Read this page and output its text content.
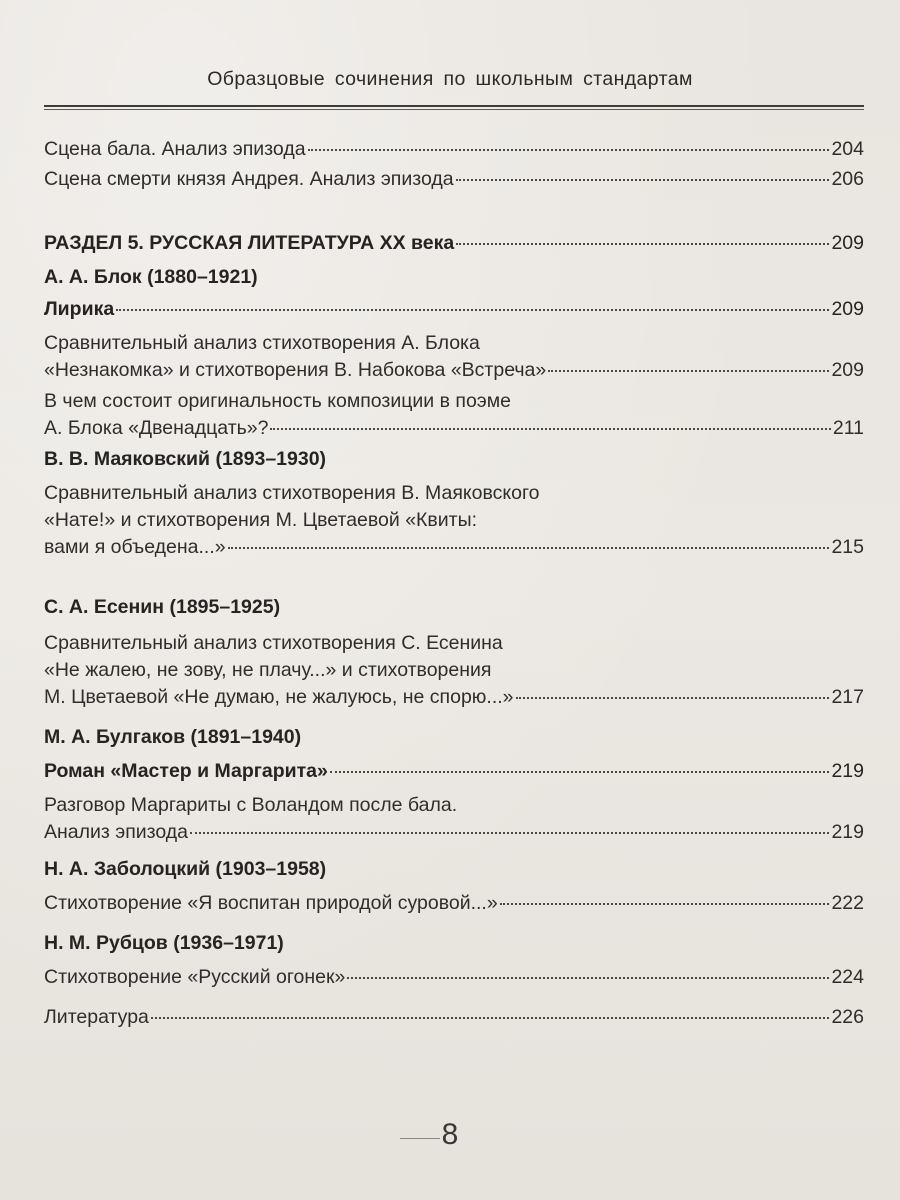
Образцовые сочинения по школьным стандартам
Сцена бала. Анализ эпизода	204
Сцена смерти князя Андрея. Анализ эпизода	206
РАЗДЕЛ 5. РУССКАЯ ЛИТЕРАТУРА XX века	209
А. А. Блок (1880–1921)
Лирика	209
Сравнительный анализ стихотворения А. Блока
«Незнакомка» и стихотворения В. Набокова «Встреча»	209
В чем состоит оригинальность композиции в поэме
А. Блока «Двенадцать»?	211
В. В. Маяковский (1893–1930)
Сравнительный анализ стихотворения В. Маяковского
«Нате!» и стихотворения М. Цветаевой «Квиты:
вами я объедена...»	215
С. А. Есенин (1895–1925)
Сравнительный анализ стихотворения С. Есенина
«Не жалею, не зову, не плачу...» и стихотворения
М. Цветаевой «Не думаю, не жалуюсь, не спорю...»	217
М. А. Булгаков (1891–1940)
Роман «Мастер и Маргарита»	219
Разговор Маргариты с Воландом после бала.
Анализ эпизода	219
Н. А. Заболоцкий (1903–1958)
Стихотворение «Я воспитан природой суровой...»	222
Н. М. Рубцов (1936–1971)
Стихотворение «Русский огонек»	224
Литература	226
8
